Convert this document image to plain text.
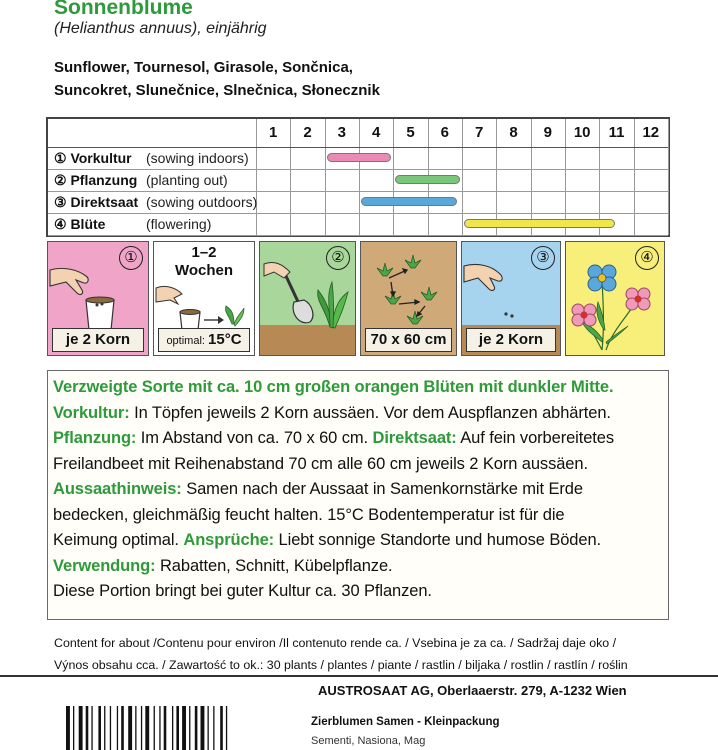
Sonnenblume
(Helianthus annuus), einjährig
Sunflower, Tournesol, Girasole, Sončnica,
Suncokret, Slunečnice, Slnečnica, Słonecznik
1	2	3	4	5	6	7	8	9	10	11	12
① Vorkultur (sowing indoors)
② Pflanzung (planting out)
③ Direktsaat (sowing outdoors)
④ Blüte	(flowering)
①
je 2 Korn
1–2
Wochen
optimal: 15°C
②
70 x 60 cm
③
je 2 Korn
④

Verzweigte Sorte mit ca. 10 cm großen orangen Blüten mit dunkler Mitte.

Vorkultur: In Töpfen jeweils 2 Korn aussäen. Vor dem Auspflanzen abhärten.

Pflanzung: Im Abstand von ca. 70 x 60 cm. Direktsaat: Auf fein vorbereitetes

Freilandbeet mit Reihenabstand 70 cm alle 60 cm jeweils 2 Korn aussäen.

Aussaathinweis: Samen nach der Aussaat in Samenkornstärke mit Erde

bedecken, gleichmäßig feucht halten. 15°C Bodentemperatur ist für die

Keimung optimal. Ansprüche: Liebt sonnige Standorte und humose Böden.

Verwendung: Rabatten, Schnitt, Kübelpflanze.

Diese Portion bringt bei guter Kultur ca. 30 Pflanzen.

Content for about /Contenu pour environ /Il contenuto rende ca. / Vsebina je za ca. / Sadržaj daje oko /
Výnos obsahu cca. / Zawartość to ok.: 30 plants / plantes / piante / rastlin / biljaka / rostlin / rastlín / roślin
AUSTROSAAT AG, Oberlaaerstr. 279, A-1232 Wien
Zierblumen Samen - Kleinpackung
Sementi, Nasiona, Mag
